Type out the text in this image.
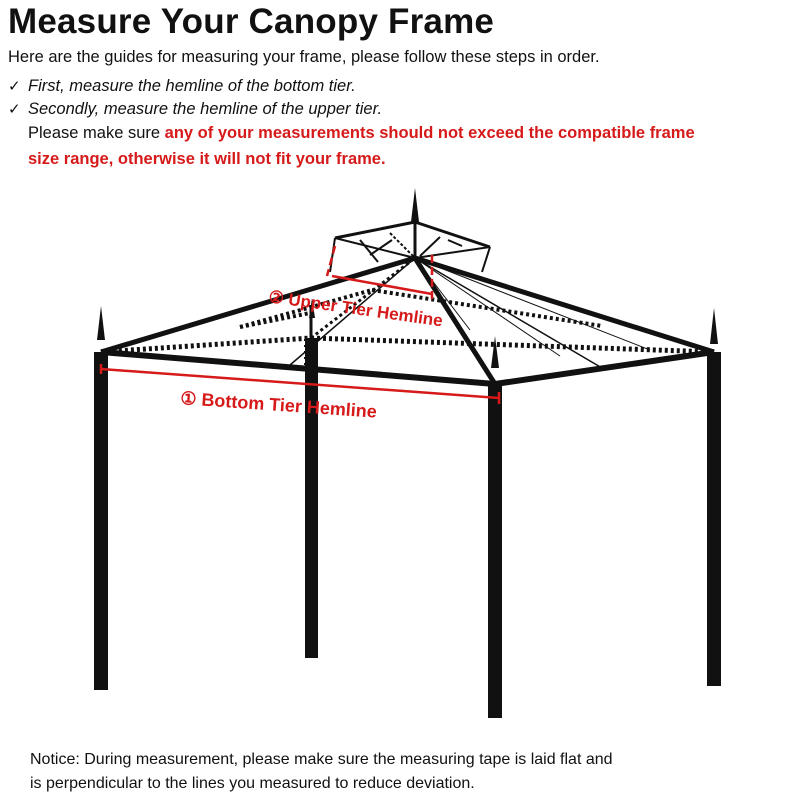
Measure Your Canopy Frame
Here are the guides for measuring your frame, please follow these steps in order.
✓ First, measure the hemline of the bottom tier.
✓ Secondly, measure the hemline of the upper tier.
Please make sure any of your measurements should not exceed the compatible frame
size range, otherwise it will not fit your frame.
② Upper Tier Hemline
① Bottom Tier Hemline
Notice: During measurement, please make sure the measuring tape is laid flat and
is perpendicular to the lines you measured to reduce deviation.
